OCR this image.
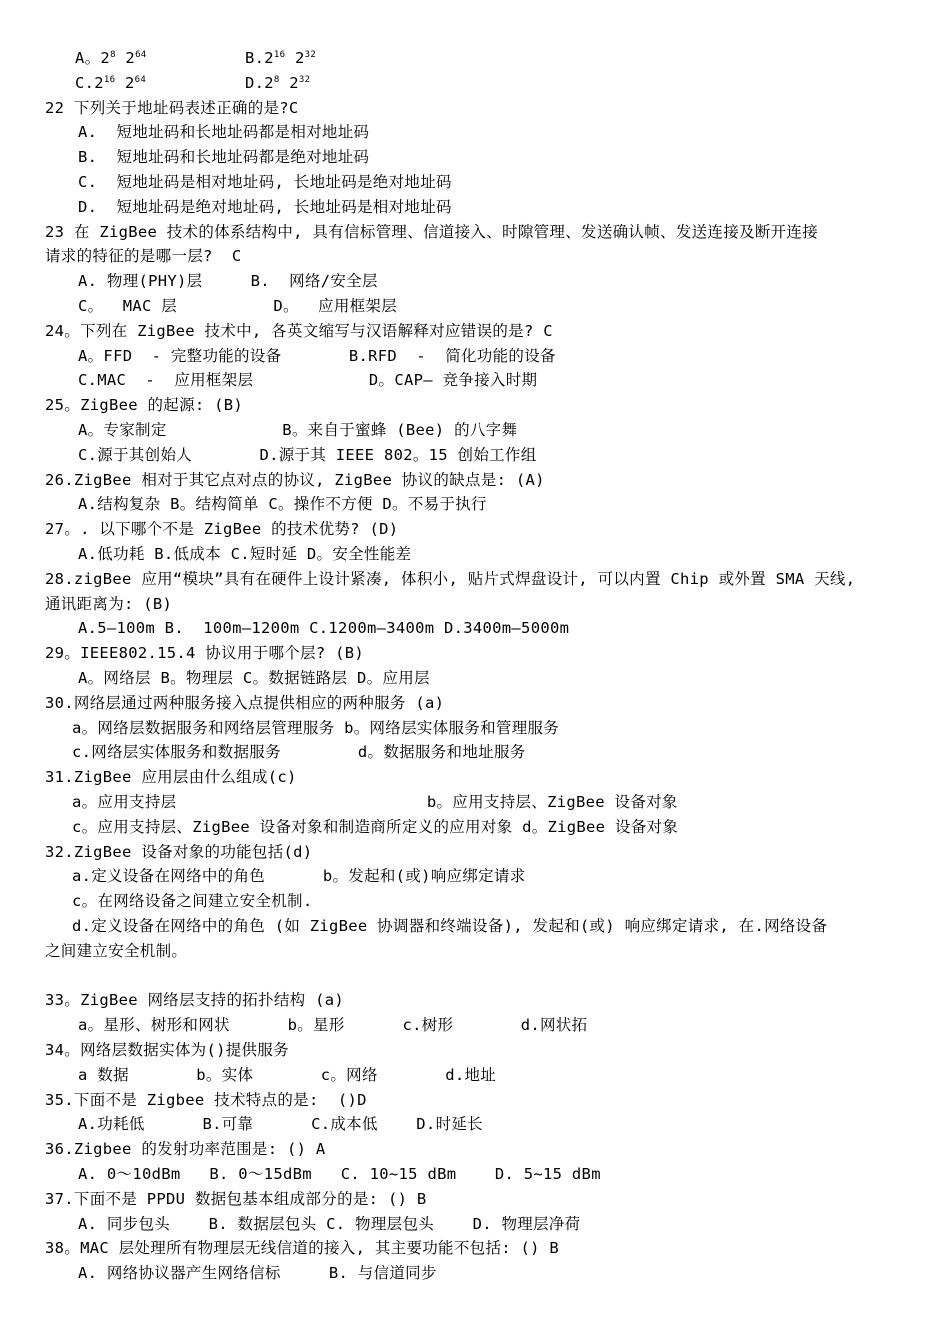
A。$2^8$ $2^{64}$	$B.2^{16}$ $2^{32}$
$C.2^{16}$ $2^{64}$	$D.2^8$ $2^{32}$
22 下列关于地址码表述正确的是?C
A.  短地址码和长地址码都是相对地址码
B.  短地址码和长地址码都是绝对地址码
C.  短地址码是相对地址码, 长地址码是绝对地址码
D.  短地址码是绝对地址码, 长地址码是相对地址码
23 在 ZigBee 技术的体系结构中, 具有信标管理、信道接入、时隙管理、发送确认帧、发送连接及断开连接
请求的特征的是哪一层?  C
A. 物理(PHY)层     B.  网络/安全层
C。  MAC 层          D。  应用框架层
24。下列在 ZigBee 技术中, 各英文缩写与汉语解释对应错误的是? C
A。FFD  - 完整功能的设备       B.RFD  -  简化功能的设备
C.MAC  -  应用框架层            D。CAP— 竞争接入时期
25。ZigBee 的起源: (B)
A。专家制定            B。来自于蜜蜂 (Bee) 的八字舞
C.源于其创始人       D.源于其 IEEE 802。15 创始工作组
26.ZigBee 相对于其它点对点的协议, ZigBee 协议的缺点是: (A)
A.结构复杂 B。结构简单 C。操作不方便 D。不易于执行
27。. 以下哪个不是 ZigBee 的技术优势? (D)
A.低功耗 B.低成本 C.短时延 D。安全性能差
28.zigBee 应用“模块”具有在硬件上设计紧凑, 体积小, 贴片式焊盘设计, 可以内置 Chip 或外置 SMA 天线,
通讯距离为: (B)
A.5—100m B.  100m—1200m C.1200m—3400m D.3400m—5000m
29。IEEE802.15.4 协议用于哪个层? (B)
A。网络层 B。物理层 C。数据链路层 D。应用层
30.网络层通过两种服务接入点提供相应的两种服务 (a)
a。网络层数据服务和网络层管理服务 b。网络层实体服务和管理服务
c.网络层实体服务和数据服务        d。数据服务和地址服务
31.ZigBee 应用层由什么组成(c)
a。应用支持层                          b。应用支持层、ZigBee 设备对象
c。应用支持层、ZigBee 设备对象和制造商所定义的应用对象 d。ZigBee 设备对象
32.ZigBee 设备对象的功能包括(d)
a.定义设备在网络中的角色      b。发起和(或)响应绑定请求
c。在网络设备之间建立安全机制.
d.定义设备在网络中的角色 (如 ZigBee 协调器和终端设备), 发起和(或) 响应绑定请求, 在.网络设备
之间建立安全机制。
33。ZigBee 网络层支持的拓扑结构 (a)
a。星形、树形和网状      b。星形      c.树形       d.网状拓
34。网络层数据实体为()提供服务
a 数据       b。实体       c。网络       d.地址
35.下面不是 Zigbee 技术特点的是:  ()D
A.功耗低      B.可靠      C.成本低    D.时延长
36.Zigbee 的发射功率范围是: () A
A. 0～10dBm   B. 0～15dBm   C. 10~15 dBm    D. 5~15 dBm
37.下面不是 PPDU 数据包基本组成部分的是: () B
A. 同步包头    B. 数据层包头 C. 物理层包头    D. 物理层净荷
38。MAC 层处理所有物理层无线信道的接入, 其主要功能不包括: () B
A. 网络协议器产生网络信标     B. 与信道同步
